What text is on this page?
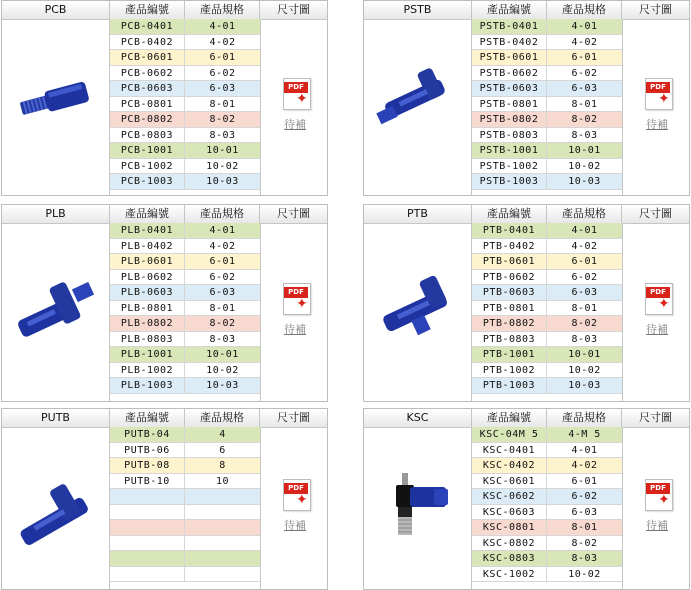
PCB	產品編號	產品規格	尺寸圖
PCB-0401	4-01
PCB-0402	4-02
PCB-0601	6-01
PCB-0602	6-02
PCB-0603	6-03
PCB-0801	8-01
PCB-0802	8-02
PCB-0803	8-03
PCB-1001	10-01
PCB-1002	10-02
PCB-1003	10-03
PDF
✦
待補
PSTB	產品編號	產品規格	尺寸圖
PSTB-0401	4-01
PSTB-0402	4-02
PSTB-0601	6-01
PSTB-0602	6-02
PSTB-0603	6-03
PSTB-0801	8-01
PSTB-0802	8-02
PSTB-0803	8-03
PSTB-1001	10-01
PSTB-1002	10-02
PSTB-1003	10-03
PDF
✦
待補
PLB	產品編號	產品規格	尺寸圖
PLB-0401	4-01
PLB-0402	4-02
PLB-0601	6-01
PLB-0602	6-02
PLB-0603	6-03
PLB-0801	8-01
PLB-0802	8-02
PLB-0803	8-03
PLB-1001	10-01
PLB-1002	10-02
PLB-1003	10-03
PDF
✦
待補
PTB	產品編號	產品規格	尺寸圖
PTB-0401	4-01
PTB-0402	4-02
PTB-0601	6-01
PTB-0602	6-02
PTB-0603	6-03
PTB-0801	8-01
PTB-0802	8-02
PTB-0803	8-03
PTB-1001	10-01
PTB-1002	10-02
PTB-1003	10-03
PDF
✦
待補
PUTB	產品編號	產品規格	尺寸圖
PUTB-04	4
PUTB-06	6
PUTB-08	8
PUTB-10	10
PDF
✦
待補
KSC	產品編號	產品規格	尺寸圖
KSC-04M 5	4-M 5
KSC-0401	4-01
KSC-0402	4-02
KSC-0601	6-01
KSC-0602	6-02
KSC-0603	6-03
KSC-0801	8-01
KSC-0802	8-02
KSC-0803	8-03
KSC-1002	10-02
PDF
✦
待補
